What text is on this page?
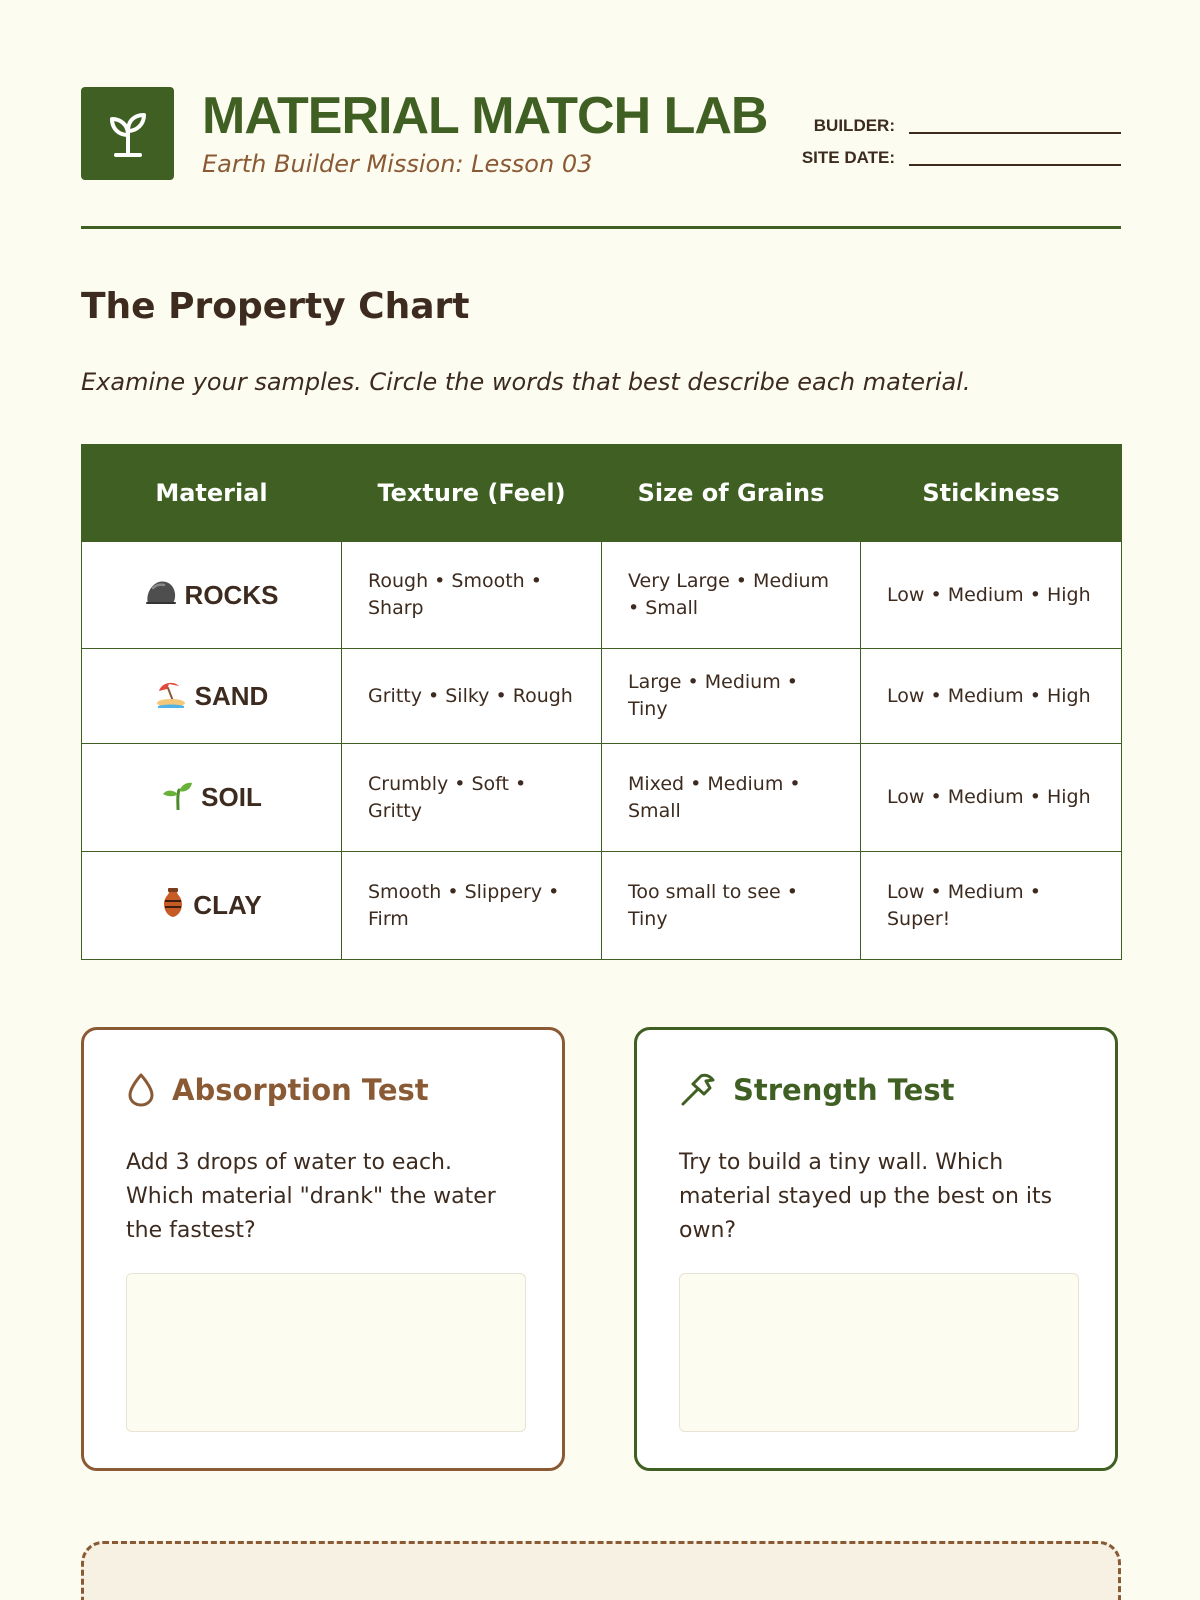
MATERIAL MATCH LAB
Earth Builder Mission: Lesson 03
BUILDER:
SITE DATE:
The Property Chart
Examine your samples. Circle the words that best describe each material.
Material	Texture (Feel)	Size of Grains	Stickiness
ROCKS	Rough • Smooth • Sharp	Very Large • Medium • Small	Low • Medium • High
SAND	Gritty • Silky • Rough	Large • Medium • Tiny	Low • Medium • High
SOIL	Crumbly • Soft • Gritty	Mixed • Medium • Small	Low • Medium • High
CLAY	Smooth • Slippery • Firm	Too small to see • Tiny	Low • Medium • Super!
Absorption Test
Add 3 drops of water to each. Which material "drank" the water the fastest?
Strength Test
Try to build a tiny wall. Which material stayed up the best on its own?
